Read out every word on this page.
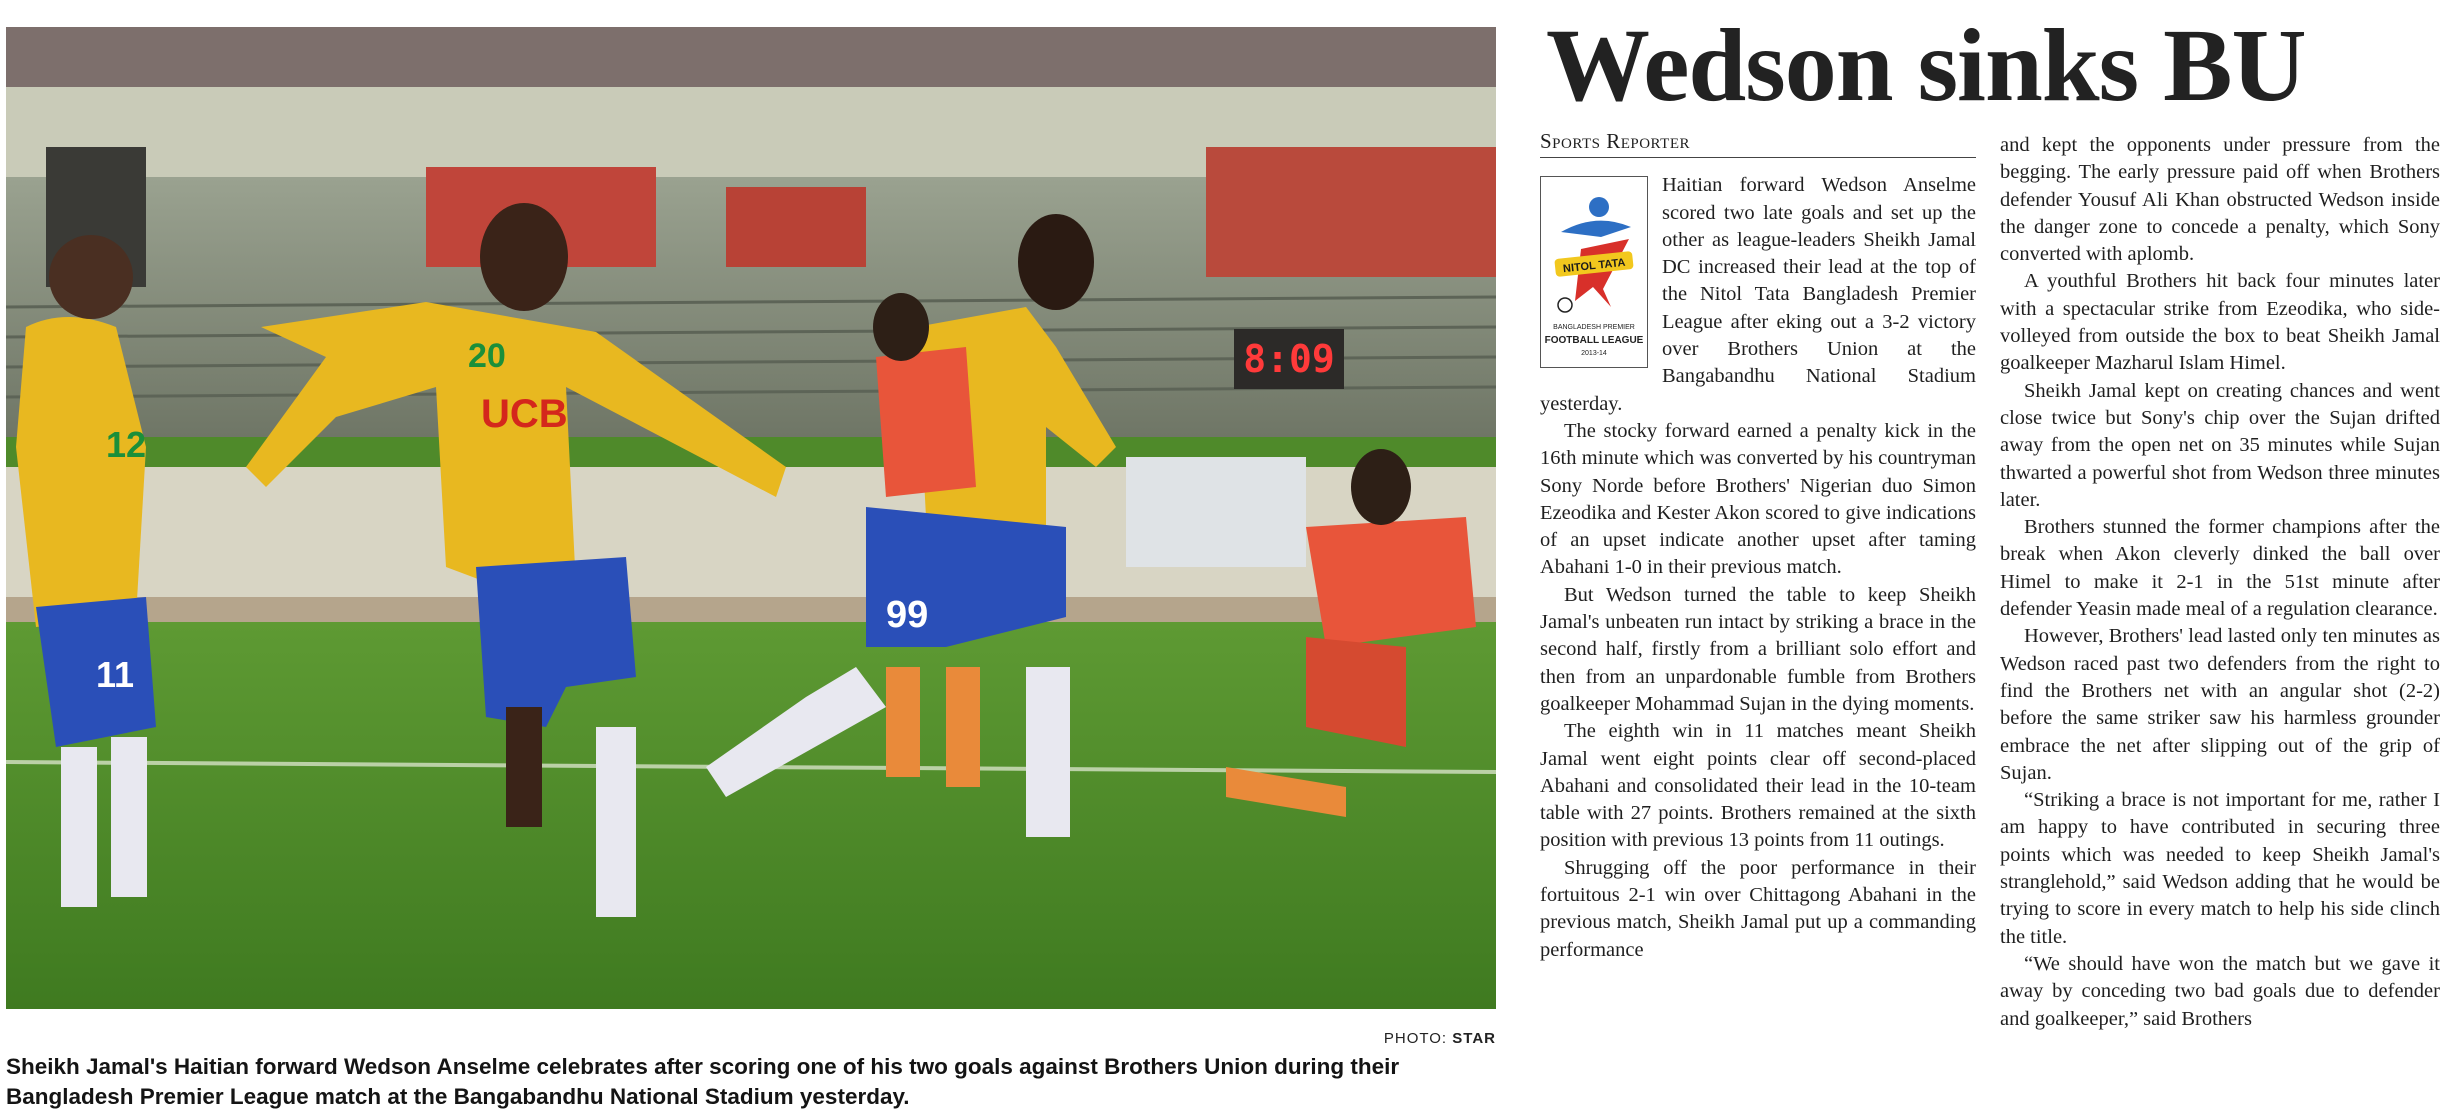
8:09
12
11
20
UCB
99
PHOTO: STAR
Sheikh Jamal's Haitian forward Wedson Anselme celebrates after scoring one of his two goals against Brothers Union during their Bangladesh Premier League match at the Bangabandhu National Stadium yesterday.
Wedson sinks BU
Sports Reporter
NITOL TATA
BANGLADESH PREMIER
FOOTBALL LEAGUE
2013-14

Haitian forward Wedson Anselme scored two late goals and set up the other as league-leaders Sheikh Jamal DC increased their lead at the top of the Nitol Tata Bangladesh Premier League after eking out a 3-2 victory over Brothers Union at the Bangabandhu National Stadium yesterday.

The stocky forward earned a penalty kick in the 16th minute which was converted by his countryman Sony Norde before Brothers' Nigerian duo Simon Ezeodika and Kester Akon scored to give indications of an upset indicate another upset after taming Abahani 1-0 in their previous match.

But Wedson turned the table to keep Sheikh Jamal's unbeaten run intact by striking a brace in the second half, firstly from a brilliant solo effort and then from an unpardonable fumble from Brothers goalkeeper Mohammad Sujan in the dying moments.

The eighth win in 11 matches meant Sheikh Jamal went eight points clear off second-placed Abahani and consolidated their lead in the 10-team table with 27 points. Brothers remained at the sixth position with previous 13 points from 11 outings.

Shrugging off the poor performance in their fortuitous 2-1 win over Chittagong Abahani in the previous match, Sheikh Jamal put up a commanding performance

and kept the opponents under pressure from the begging. The early pressure paid off when Brothers defender Yousuf Ali Khan obstructed Wedson inside the danger zone to concede a penalty, which Sony converted with aplomb.

A youthful Brothers hit back four minutes later with a spectacular strike from Ezeodika, who side-volleyed from outside the box to beat Sheikh Jamal goalkeeper Mazharul Islam Himel.

Sheikh Jamal kept on creating chances and went close twice but Sony's chip over the Sujan drifted away from the open net on 35 minutes while Sujan thwarted a powerful shot from Wedson three minutes later.

Brothers stunned the former champions after the break when Akon cleverly dinked the ball over Himel to make it 2-1 in the 51st minute after defender Yeasin made meal of a regulation clearance.

However, Brothers' lead lasted only ten minutes as Wedson raced past two defenders from the right to find the Brothers net with an angular shot (2-2) before the same striker saw his harmless grounder embrace the net after slipping out of the grip of Sujan.

“Striking a brace is not important for me, rather I am happy to have contributed in securing three points which was needed to keep Sheikh Jamal's stranglehold,” said Wedson adding that he would be trying to score in every match to help his side clinch the title.

“We should have won the match but we gave it away by conceding two bad goals due to defender and goalkeeper,” said Brothers
